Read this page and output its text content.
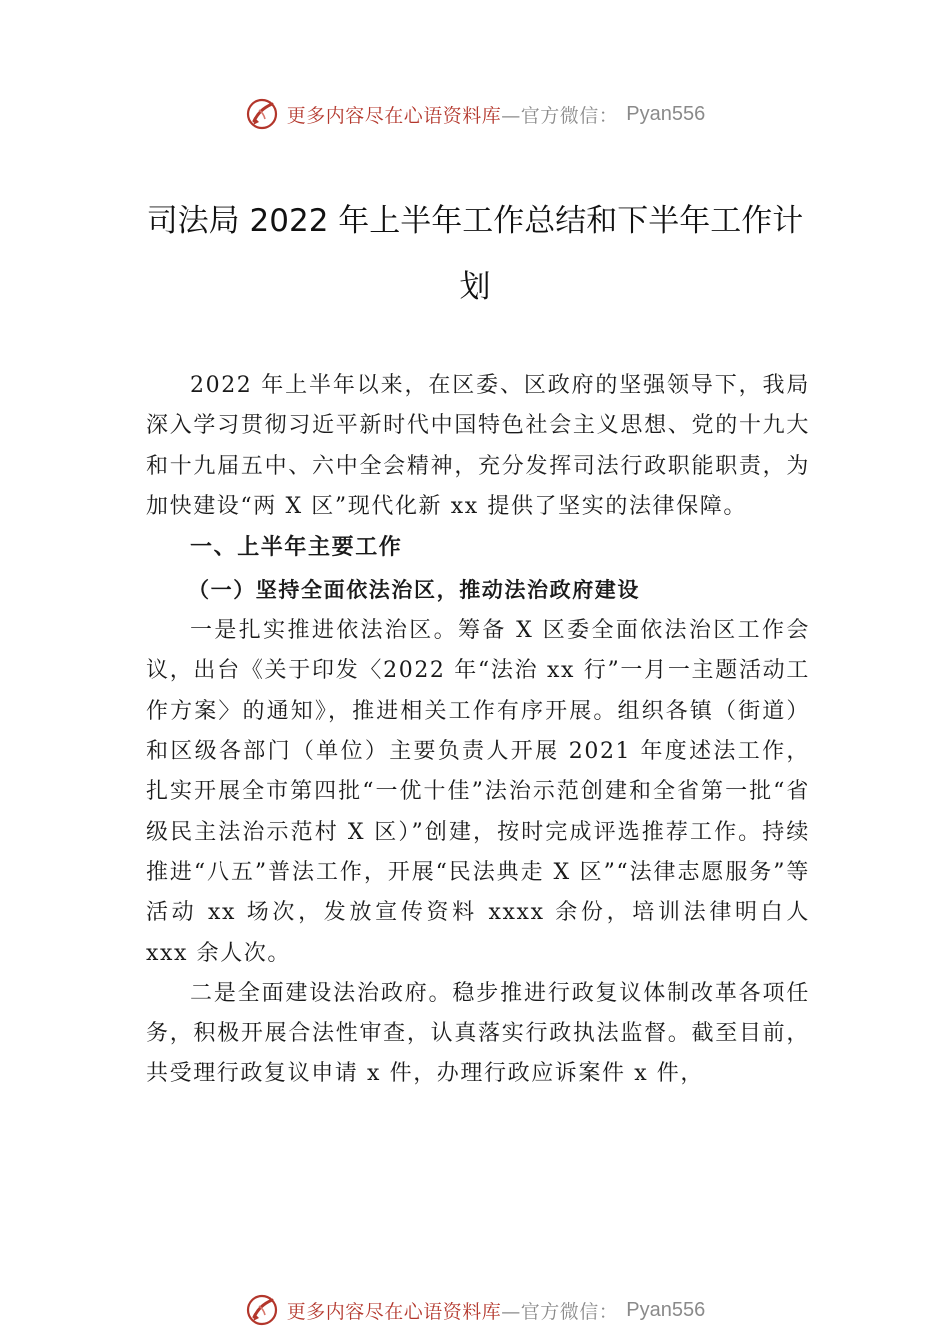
更多内容尽在心语资料库—官方微信： Pyan556
司法局 2022 年上半年工作总结和下半年工作计划

2022 年上半年以来，在区委、区政府的坚强领导下，我局深入学习贯彻习近平新时代中国特色社会主义思想、党的十九大和十九届五中、六中全会精神，充分发挥司法行政职能职责，为加快建设“两 X 区”现代化新 xx 提供了坚实的法律保障。

一、上半年主要工作
（一）坚持全面依法治区，推动法治政府建设

一是扎实推进依法治区。筹备 X 区委全面依法治区工作会议，出台《关于印发〈2022 年“法治 xx 行”一月一主题活动工作方案〉的通知》，推进相关工作有序开展。组织各镇（街道）和区级各部门（单位）主要负责人开展 2021 年度述法工作，扎实开展全市第四批“一优十佳”法治示范创建和全省第一批“省级民主法治示范村 X 区）”创建，按时完成评选推荐工作。持续推进“八五”普法工作，开展“民法典走 X 区”“法律志愿服务”等活动 xx 场次，发放宣传资料 xxxx 余份，培训法律明白人 xxx 余人次。

二是全面建设法治政府。稳步推进行政复议体制改革各项任务，积极开展合法性审查，认真落实行政执法监督。截至目前，共受理行政复议申请 x 件，办理行政应诉案件 x 件，

更多内容尽在心语资料库—官方微信： Pyan556
